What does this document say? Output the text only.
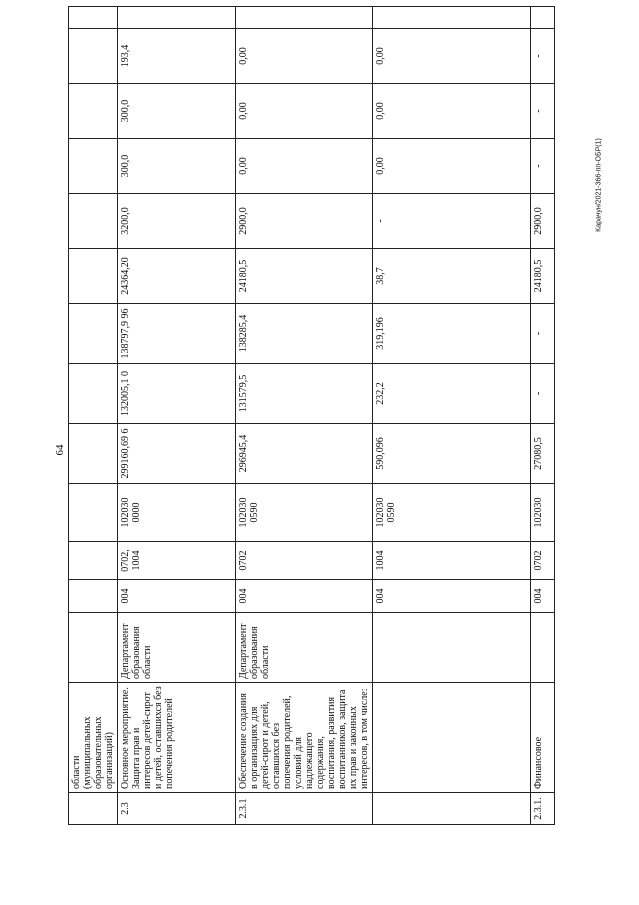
64
Карачун/2021-366-пп-ОБР(1)
	области (муниципальных образовательных организаций)													
2.3	Основное мероприятие. Защита прав и интересов детей-сирот и детей, оставшихся без попечения родителей	Департамент образования области	004	0702, 1004	102030 0000	299160,69 6	132005,1 0	138797,9 96	24364,20	3200,0	300,0	300,0	193,4	
2.3.1	Обеспечение создания в организациях для детей-сирот и детей, оставшихся без попечения родителей, условий для надлежащего содержания, воспитания, развития воспитанников, защита их прав и законных интересов, в том числе:	Департамент образования области	004	0702	102030 0590	296945,4	131579,5	138285,4	24180,5	2900,0	0,00	0,00	0,00	
			004	1004	102030 0590	590,096	232,2	319,196	38,7	-	0,00	0,00	0,00	
2.3.1.	Финансовое		004	0702	102030	27080,5	-	-	24180,5	2900,0	-	-	-	
